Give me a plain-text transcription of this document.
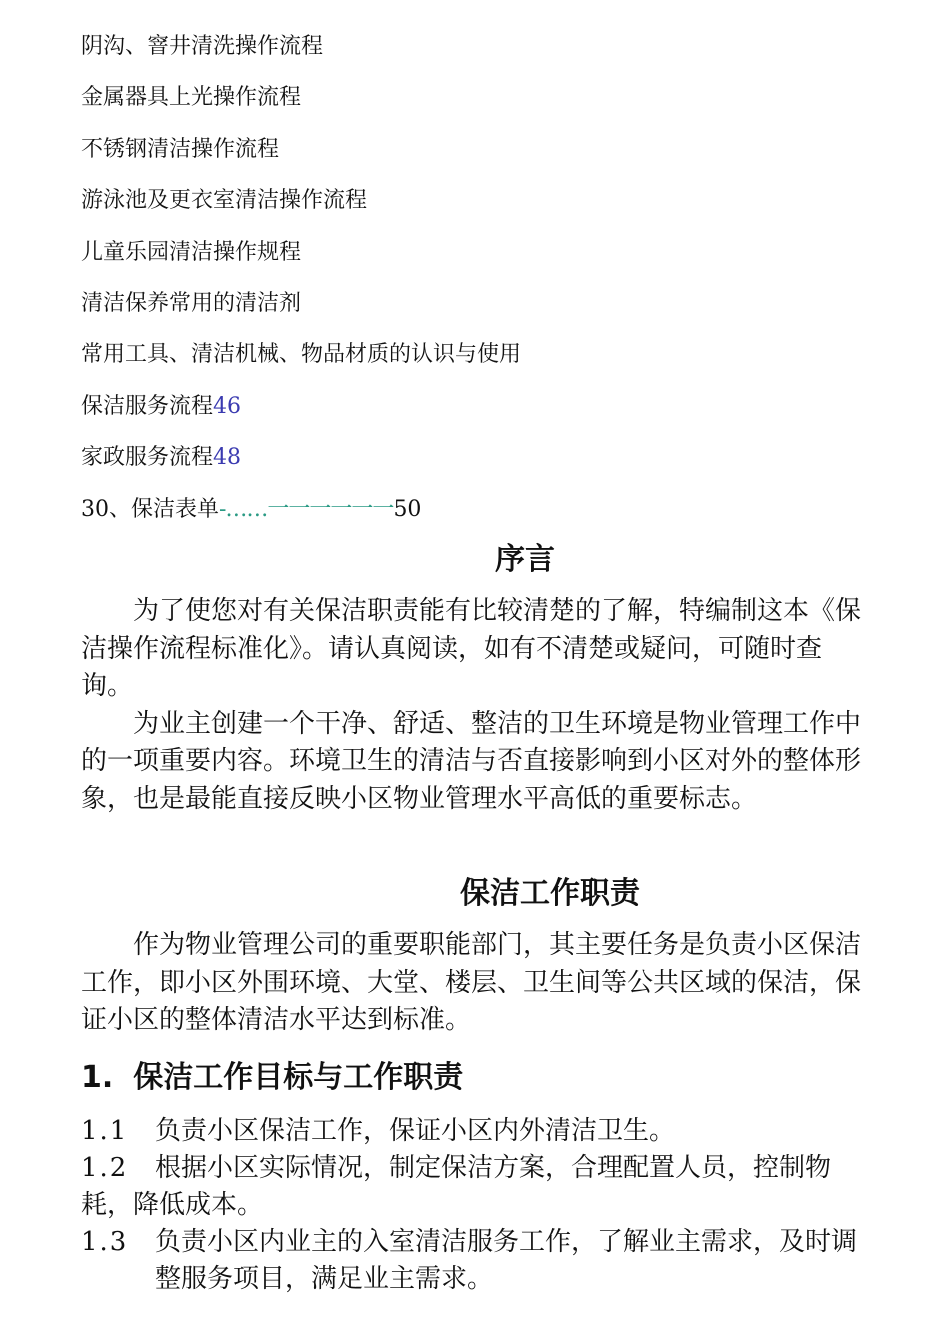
阴沟、窨井清洗操作流程
金属器具上光操作流程
不锈钢清洁操作流程
游泳池及更衣室清洁操作流程
儿童乐园清洁操作规程
清洁保养常用的清洁剂
常用工具、清洁机械、物品材质的认识与使用
保洁服务流程46
家政服务流程48
30、保洁表单-……一一一一一一50
序言

为了使您对有关保洁职责能有比较清楚的了解，特编制这本《保洁操作流程标准化》。请认真阅读，如有不清楚或疑问，可随时查询。

为业主创建一个干净、舒适、整洁的卫生环境是物业管理工作中的一项重要内容。环境卫生的清洁与否直接影响到小区对外的整体形象，也是最能直接反映小区物业管理水平高低的重要标志。

保洁工作职责

作为物业管理公司的重要职能部门，其主要任务是负责小区保洁工作，即小区外围环境、大堂、楼层、卫生间等公共区域的保洁，保证小区的整体清洁水平达到标准。

1. 保洁工作目标与工作职责
1.1	负责小区保洁工作，保证小区内外清洁卫生。
1.2 根据小区实际情况，制定保洁方案，合理配置人员，控制物耗，降低成本。
1.3	负责小区内业主的入室清洁服务工作，了解业主需求，及时调整服务项目，满足业主需求。
